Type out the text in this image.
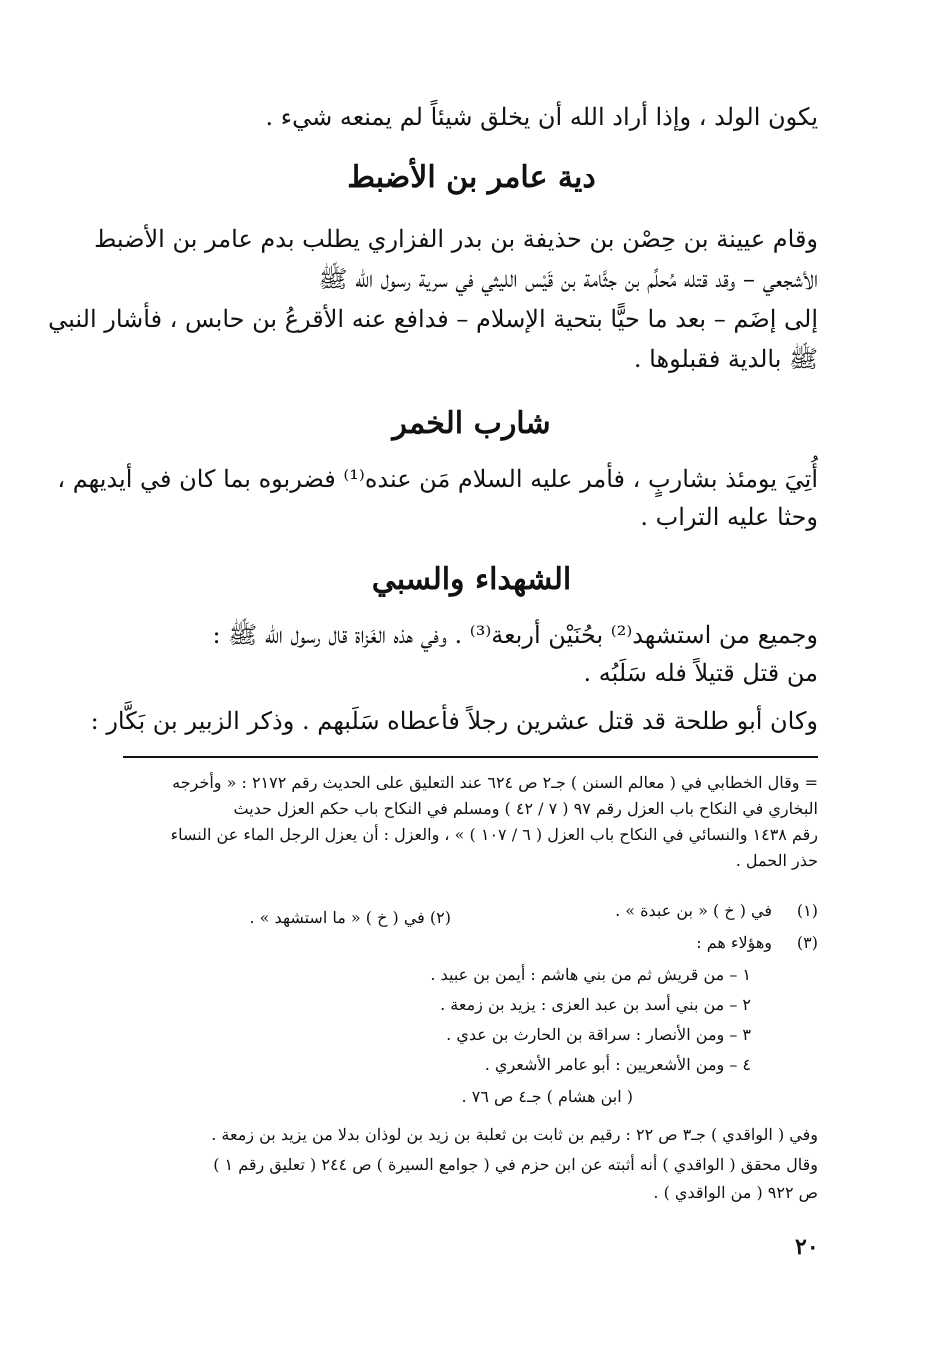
يكون الولد ، وإذا أراد الله أن يخلق شيئاً لم يمنعه شيء .
دية عامر بن الأضبط
وقام عيينة بن حِصْن بن حذيفة بن بدر الفزاري يطلب بدم عامر بن الأضبط
الأشجعي – وقد قتله مُحلِّم بن جثَّامة بن قَيْس الليثي في سرية رسول الله ﷺ
إلى إضَم – بعد ما حيًّا بتحية الإسلام – فدافع عنه الأقرعُ بن حابس ، فأشار النبي
ﷺ بالدية فقبلوها .
شارب الخمر
أُتِيَ يومئذ بشاربٍ ، فأمر عليه السلام مَن عنده⁽¹⁾ فضربوه بما كان في أيديهم ،
وحثا عليه التراب .
الشهداء والسبي
وجميع من استشهد⁽²⁾ بحُنَيْن أربعة⁽³⁾ . وفي هذه الغَزاة قال رسول الله ﷺ :
من قتل قتيلاً فله سَلَبُه .
وكان أبو طلحة قد قتل عشرين رجلاً فأعطاه سَلَبهم . وذكر الزبير بن بَكَّار :
= وقال الخطابي في ( معالم السنن ) جـ٢ ص ٦٢٤ عند التعليق على الحديث رقم ٢١٧٢ : « وأخرجه
البخاري في النكاح باب العزل رقم ٩٧ ( ٧ / ٤٢ ) ومسلم في النكاح باب حكم العزل حديث
رقم ١٤٣٨ والنسائي في النكاح باب العزل ( ٦ / ١٠٧ ) » ، والعزل : أن يعزل الرجل الماء عن النساء
حذر الحمل .
(١)في ( خ ) « بن عبدة » .
(٢) في ( خ ) « ما استشهد » .
(٣)وهؤلاء هم :
١ – من قريش ثم من بني هاشم : أيمن بن عبيد .
٢ – من بني أسد بن عبد العزى : يزيد بن زمعة .
٣ – ومن الأنصار : سراقة بن الحارث بن عدي .
٤ – ومن الأشعريين : أبو عامر الأشعري .
( ابن هشام ) جـ٤ ص ٧٦ .
وفي ( الواقدي ) جـ٣ ص ٢٢ : رقيم بن ثابت بن ثعلبة بن زيد بن لوذان بدلا من يزيد بن زمعة .
وقال محقق ( الواقدي ) أنه أثبته عن ابن حزم في ( جوامع السيرة ) ص ٢٤٤ ( تعليق رقم ١ )
ص ٩٢٢ ( من الواقدي ) .
٢٠
